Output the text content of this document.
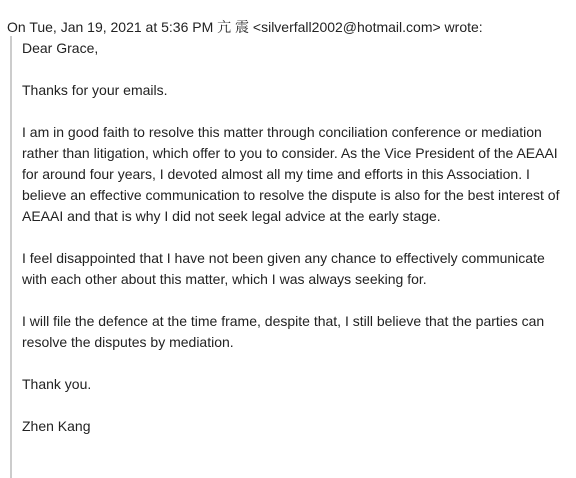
On Tue, Jan 19, 2021 at 5:36 PM 亢 震 <silverfall2002@hotmail.com> wrote:

Dear Grace,

Thanks for your emails.

I am in good faith to resolve this matter through conciliation conference or mediation rather than litigation, which offer to you to consider. As the Vice President of the AEAAI for around four years, I devoted almost all my time and efforts in this Association. I believe an effective communication to resolve the dispute is also for the best interest of AEAAI and that is why I did not seek legal advice at the early stage.

I feel disappointed that I have not been given any chance to effectively communicate with each other about this matter, which I was always seeking for.

I will file the defence at the time frame, despite that, I still believe that the parties can resolve the disputes by mediation.

Thank you.

Zhen Kang
